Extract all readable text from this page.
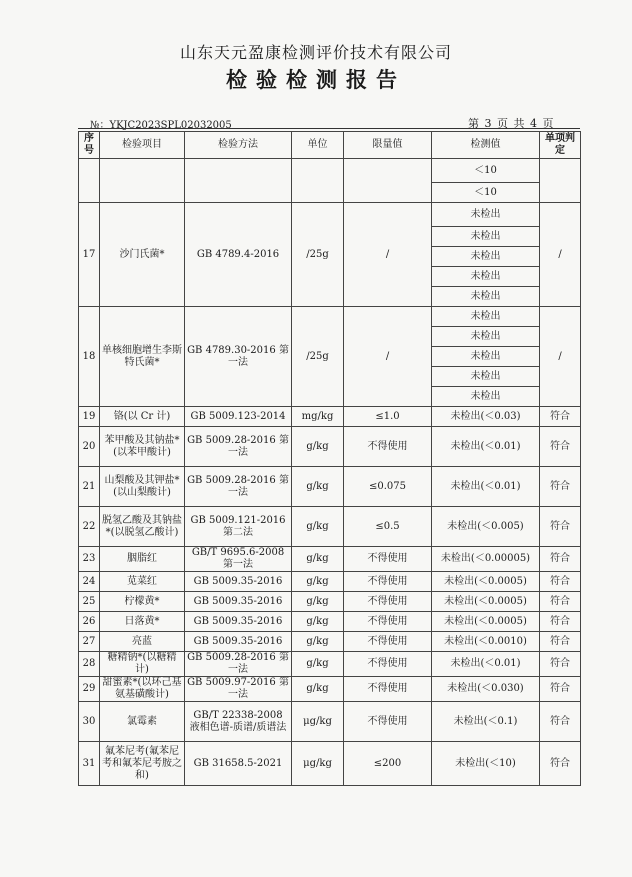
山东天元盈康检测评价技术有限公司
检验检测报告
№：YKJC2023SPL02032005	第 3 页 共 4 页
序号	检验项目	检验方法	单位	限量值	检测值	单项判定
					＜10	
					＜10	
17	沙门氏菌*	GB 4789.4-2016	/25g	/	未检出	/
					未检出	
					未检出	
					未检出	
					未检出	
18	单核细胞增生李斯特氏菌*	GB 4789.30-2016 第一法	/25g	/	未检出	/
					未检出	
					未检出	
					未检出	
					未检出	
19	铬(以 Cr 计)	GB 5009.123-2014	mg/kg	≤1.0	未检出(＜0.03)	符合
20	苯甲酸及其钠盐*(以苯甲酸计)	GB 5009.28-2016 第一法	g/kg	不得使用	未检出(＜0.01)	符合
21	山梨酸及其钾盐*(以山梨酸计)	GB 5009.28-2016 第一法	g/kg	≤0.075	未检出(＜0.01)	符合
22	脱氢乙酸及其钠盐*(以脱氢乙酸计)	GB 5009.121-2016 第二法	g/kg	≤0.5	未检出(＜0.005)	符合
23	胭脂红	GB/T 9695.6-2008 第一法	g/kg	不得使用	未检出(＜0.00005)	符合
24	苋菜红	GB 5009.35-2016	g/kg	不得使用	未检出(＜0.0005)	符合
25	柠檬黄*	GB 5009.35-2016	g/kg	不得使用	未检出(＜0.0005)	符合
26	日落黄*	GB 5009.35-2016	g/kg	不得使用	未检出(＜0.0005)	符合
27	亮蓝	GB 5009.35-2016	g/kg	不得使用	未检出(＜0.0010)	符合
28	糖精钠*(以糖精计)	GB 5009.28-2016 第一法	g/kg	不得使用	未检出(＜0.01)	符合
29	甜蜜素*(以环己基氨基磺酸计)	GB 5009.97-2016 第一法	g/kg	不得使用	未检出(＜0.030)	符合
30	氯霉素	GB/T 22338-2008 液相色谱-质谱/质谱法	μg/kg	不得使用	未检出(＜0.1)	符合
31	氟苯尼考(氟苯尼考和氟苯尼考胺之和)	GB 31658.5-2021	μg/kg	≤200	未检出(＜10)	符合
